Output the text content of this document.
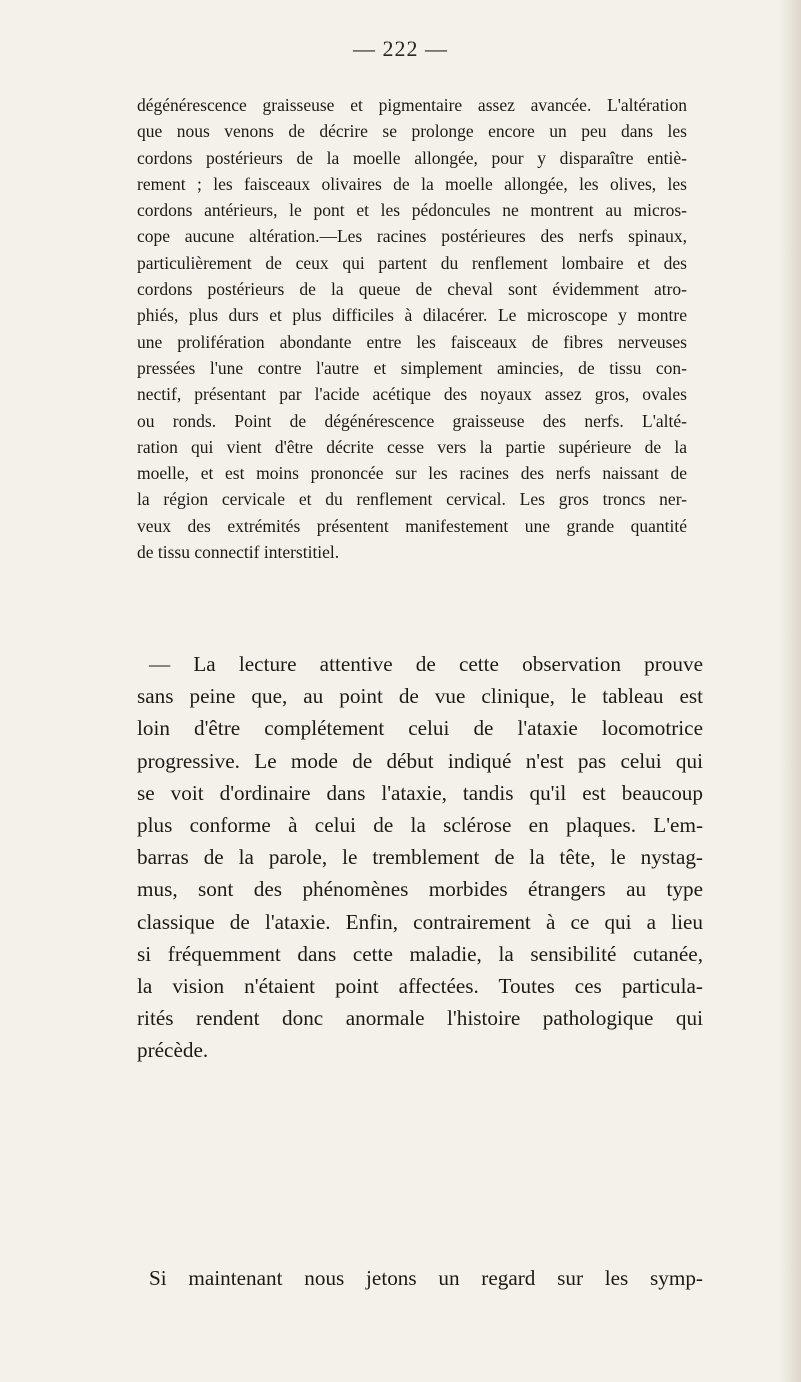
— 222 —
dégénérescence graisseuse et pigmentaire assez avancée. L'altération
que nous venons de décrire se prolonge encore un peu dans les
cordons postérieurs de la moelle allongée, pour y disparaître entiè-
rement ; les faisceaux olivaires de la moelle allongée, les olives, les
cordons antérieurs, le pont et les pédoncules ne montrent au micros-
cope aucune altération.—Les racines postérieures des nerfs spinaux,
particulièrement de ceux qui partent du renflement lombaire et des
cordons postérieurs de la queue de cheval sont évidemment atro-
phiés, plus durs et plus difficiles à dilacérer. Le microscope y montre
une prolifération abondante entre les faisceaux de fibres nerveuses
pressées l'une contre l'autre et simplement amincies, de tissu con-
nectif, présentant par l'acide acétique des noyaux assez gros, ovales
ou ronds. Point de dégénérescence graisseuse des nerfs. L'alté-
ration qui vient d'être décrite cesse vers la partie supérieure de la
moelle, et est moins prononcée sur les racines des nerfs naissant de
la région cervicale et du renflement cervical. Les gros troncs ner-
veux des extrémités présentent manifestement une grande quantité
de tissu connectif interstitiel.
— La lecture attentive de cette observation prouve
sans peine que, au point de vue clinique, le tableau est
loin d'être complétement celui de l'ataxie locomotrice
progressive. Le mode de début indiqué n'est pas celui qui
se voit d'ordinaire dans l'ataxie, tandis qu'il est beaucoup
plus conforme à celui de la sclérose en plaques. L'em-
barras de la parole, le tremblement de la tête, le nystag-
mus, sont des phénomènes morbides étrangers au type
classique de l'ataxie. Enfin, contrairement à ce qui a lieu
si fréquemment dans cette maladie, la sensibilité cutanée,
la vision n'étaient point affectées. Toutes ces particula-
rités rendent donc anormale l'histoire pathologique qui
précède.
Si maintenant nous jetons un regard sur les symp-
